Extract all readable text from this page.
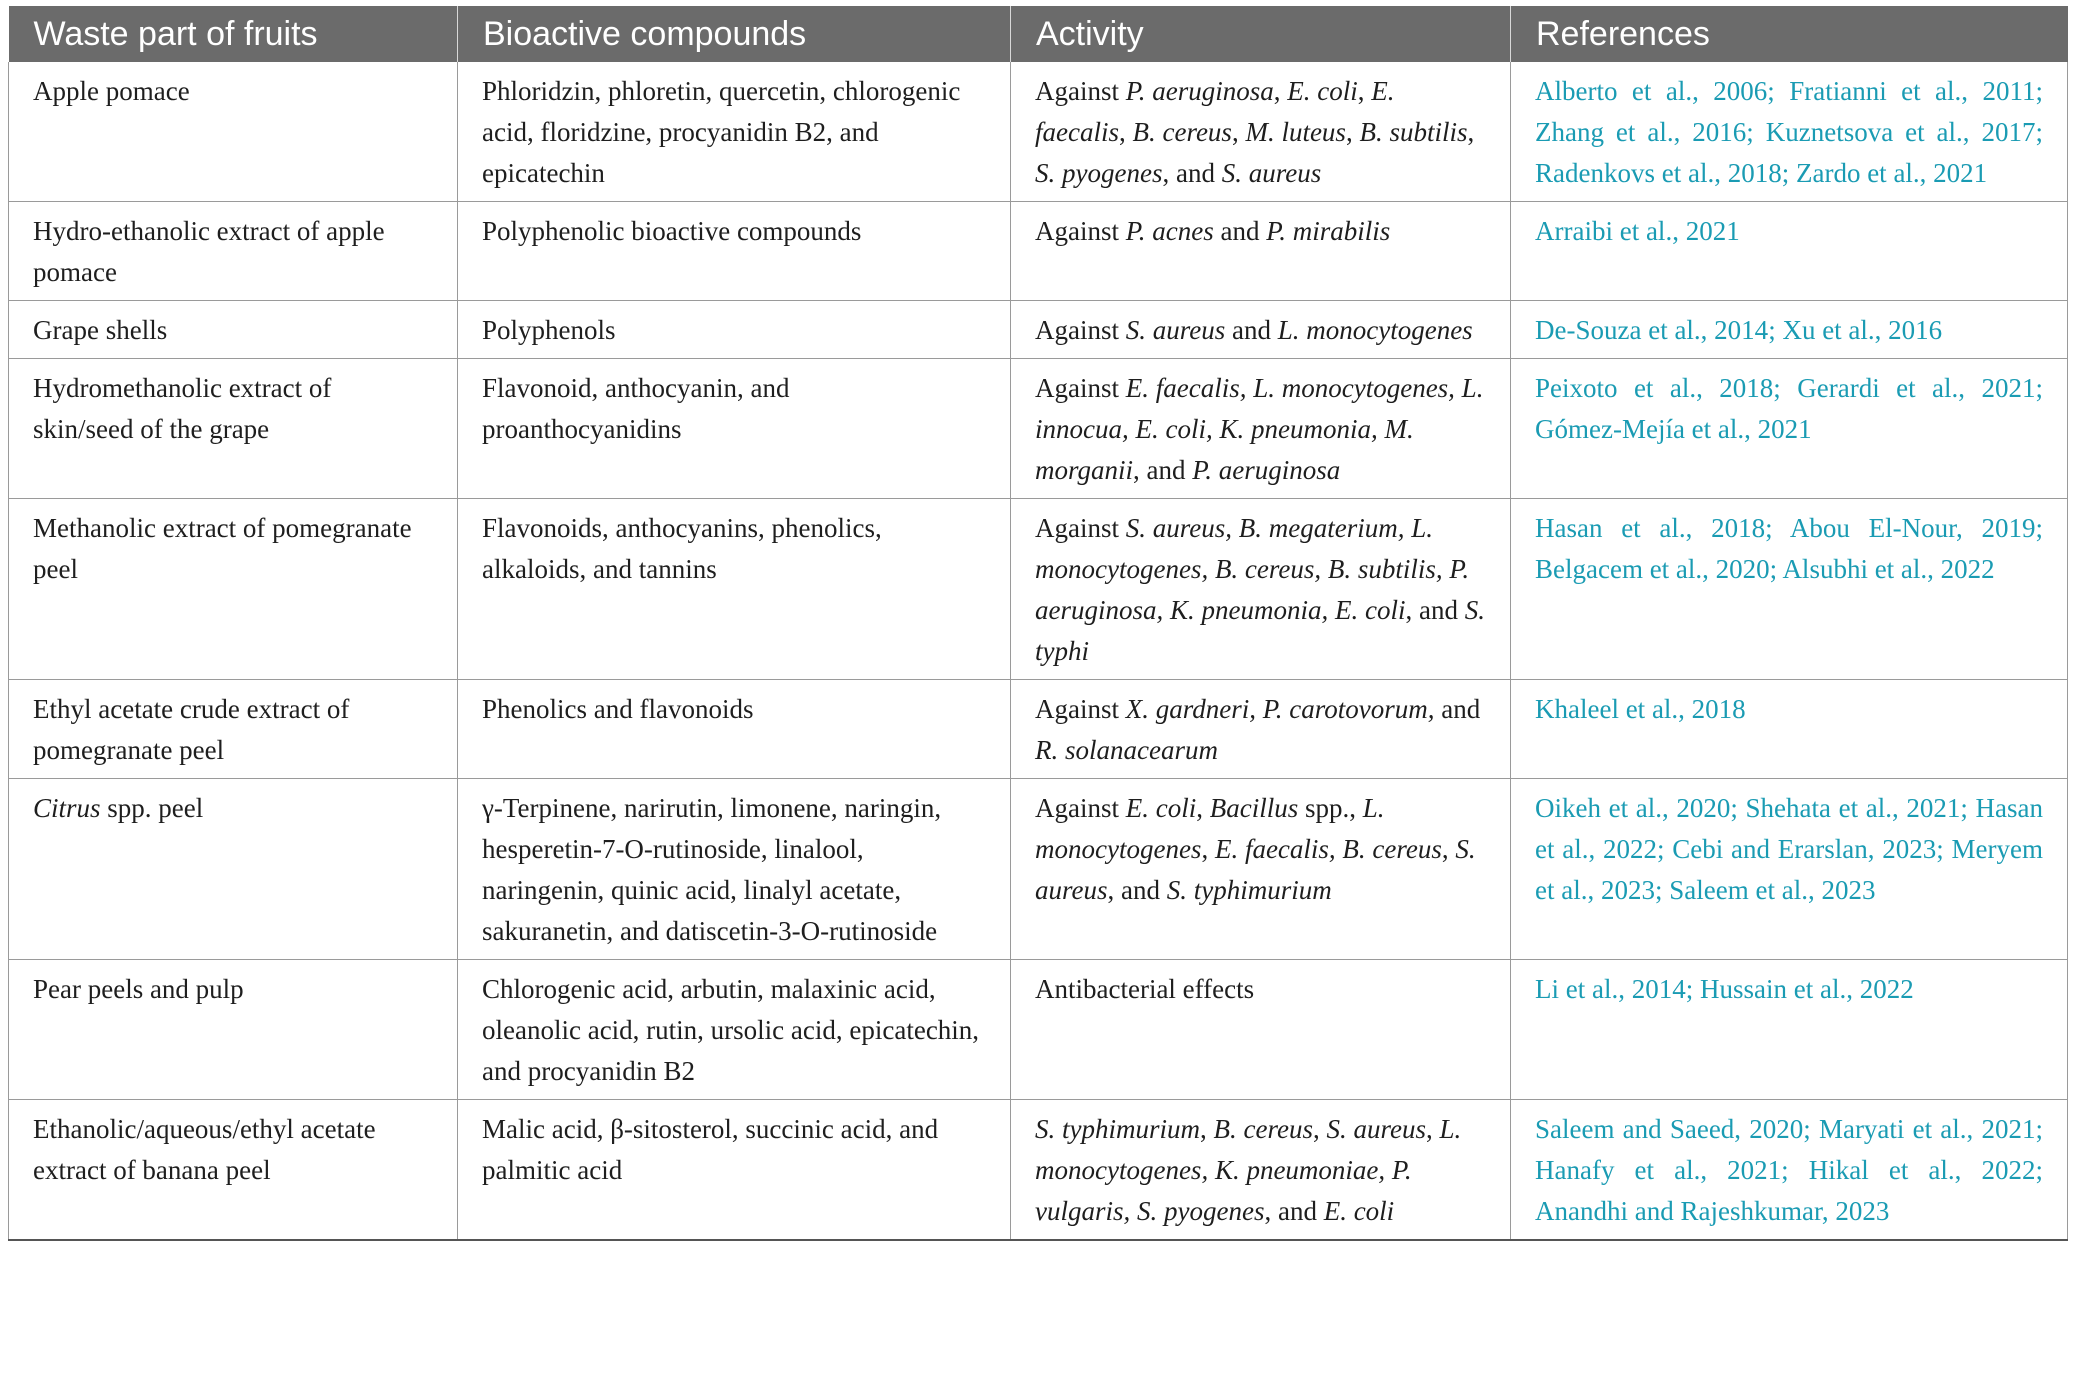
Waste part of fruits	Bioactive compounds	Activity	References
Apple pomace	Phloridzin, phloretin, quercetin, chlorogenic acid, floridzine, procyanidin B2, and epicatechin	Against P. aeruginosa, E. coli, E. faecalis, B. cereus, M. luteus, B. subtilis, S. pyogenes, and S. aureus	Alberto et al., 2006; Fratianni et al., 2011; Zhang et al., 2016; Kuznetsova et al., 2017; Radenkovs et al., 2018; Zardo et al., 2021
Hydro-ethanolic extract of apple pomace	Polyphenolic bioactive compounds	Against P. acnes and P. mirabilis	Arraibi et al., 2021
Grape shells	Polyphenols	Against S. aureus and L. monocytogenes	De-Souza et al., 2014; Xu et al., 2016
Hydromethanolic extract of skin/seed of the grape	Flavonoid, anthocyanin, and proanthocyanidins	Against E. faecalis, L. monocytogenes, L. innocua, E. coli, K. pneumonia, M. morganii, and P. aeruginosa	Peixoto et al., 2018; Gerardi et al., 2021; Gómez-Mejía et al., 2021
Methanolic extract of pomegranate peel	Flavonoids, anthocyanins, phenolics, alkaloids, and tannins	Against S. aureus, B. megaterium, L. monocytogenes, B. cereus, B. subtilis, P. aeruginosa, K. pneumonia, E. coli, and S. typhi	Hasan et al., 2018; Abou El-Nour, 2019; Belgacem et al., 2020; Alsubhi et al., 2022
Ethyl acetate crude extract of pomegranate peel	Phenolics and flavonoids	Against X. gardneri, P. carotovorum, and R. solanacearum	Khaleel et al., 2018
Citrus spp. peel	γ-Terpinene, narirutin, limonene, naringin, hesperetin-7-O-rutinoside, linalool, naringenin, quinic acid, linalyl acetate, sakuranetin, and datiscetin-3-O-rutinoside	Against E. coli, Bacillus spp., L. monocytogenes, E. faecalis, B. cereus, S. aureus, and S. typhimurium	Oikeh et al., 2020; Shehata et al., 2021; Hasan et al., 2022; Cebi and Erarslan, 2023; Meryem et al., 2023; Saleem et al., 2023
Pear peels and pulp	Chlorogenic acid, arbutin, malaxinic acid, oleanolic acid, rutin, ursolic acid, epicatechin, and procyanidin B2	Antibacterial effects	Li et al., 2014; Hussain et al., 2022
Ethanolic/aqueous/ethyl acetate extract of banana peel	Malic acid, β-sitosterol, succinic acid, and palmitic acid	S. typhimurium, B. cereus, S. aureus, L. monocytogenes, K. pneumoniae, P. vulgaris, S. pyogenes, and E. coli	Saleem and Saeed, 2020; Maryati et al., 2021; Hanafy et al., 2021; Hikal et al., 2022; Anandhi and Rajeshkumar, 2023
